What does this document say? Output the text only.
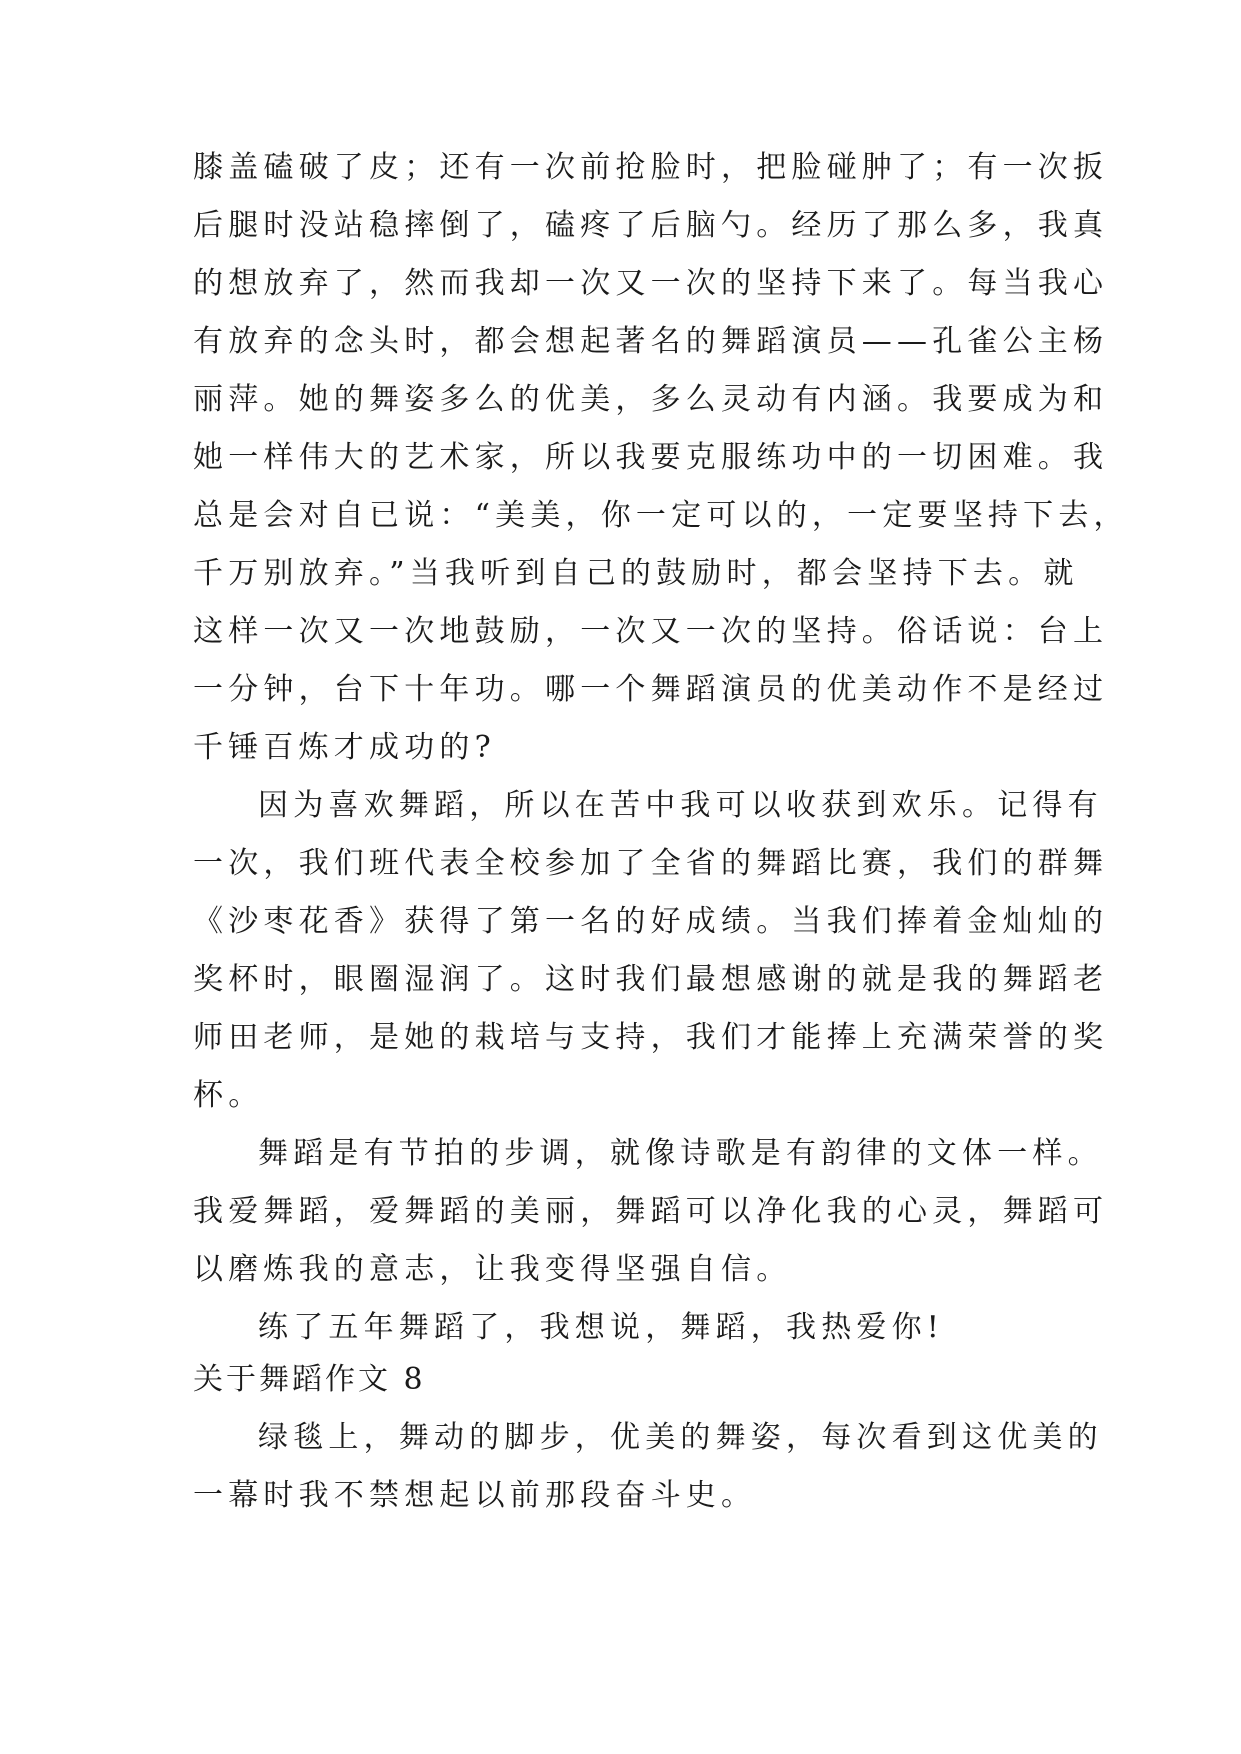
膝盖磕破了皮；还有一次前抢脸时，把脸碰肿了；有一次扳

后腿时没站稳摔倒了，磕疼了后脑勺。经历了那么多，我真

的想放弃了，然而我却一次又一次的坚持下来了。每当我心

有放弃的念头时，都会想起著名的舞蹈演员——孔雀公主杨

丽萍。她的舞姿多么的优美，多么灵动有内涵。我要成为和

她一样伟大的艺术家，所以我要克服练功中的一切困难。我

总是会对自已说：“美美，你一定可以的，一定要坚持下去，

千万别放弃。”当我听到自己的鼓励时，都会坚持下去。就

这样一次又一次地鼓励，一次又一次的坚持。俗话说：台上

一分钟，台下十年功。哪一个舞蹈演员的优美动作不是经过

千锤百炼才成功的?

因为喜欢舞蹈，所以在苦中我可以收获到欢乐。记得有

一次，我们班代表全校参加了全省的舞蹈比赛，我们的群舞

《沙枣花香》获得了第一名的好成绩。当我们捧着金灿灿的

奖杯时，眼圈湿润了。这时我们最想感谢的就是我的舞蹈老

师田老师，是她的栽培与支持，我们才能捧上充满荣誉的奖

杯。

舞蹈是有节拍的步调，就像诗歌是有韵律的文体一样。

我爱舞蹈，爱舞蹈的美丽，舞蹈可以净化我的心灵，舞蹈可

以磨炼我的意志，让我变得坚强自信。

练了五年舞蹈了，我想说，舞蹈，我热爱你!

关于舞蹈作文 8

绿毯上，舞动的脚步，优美的舞姿，每次看到这优美的

一幕时我不禁想起以前那段奋斗史。
